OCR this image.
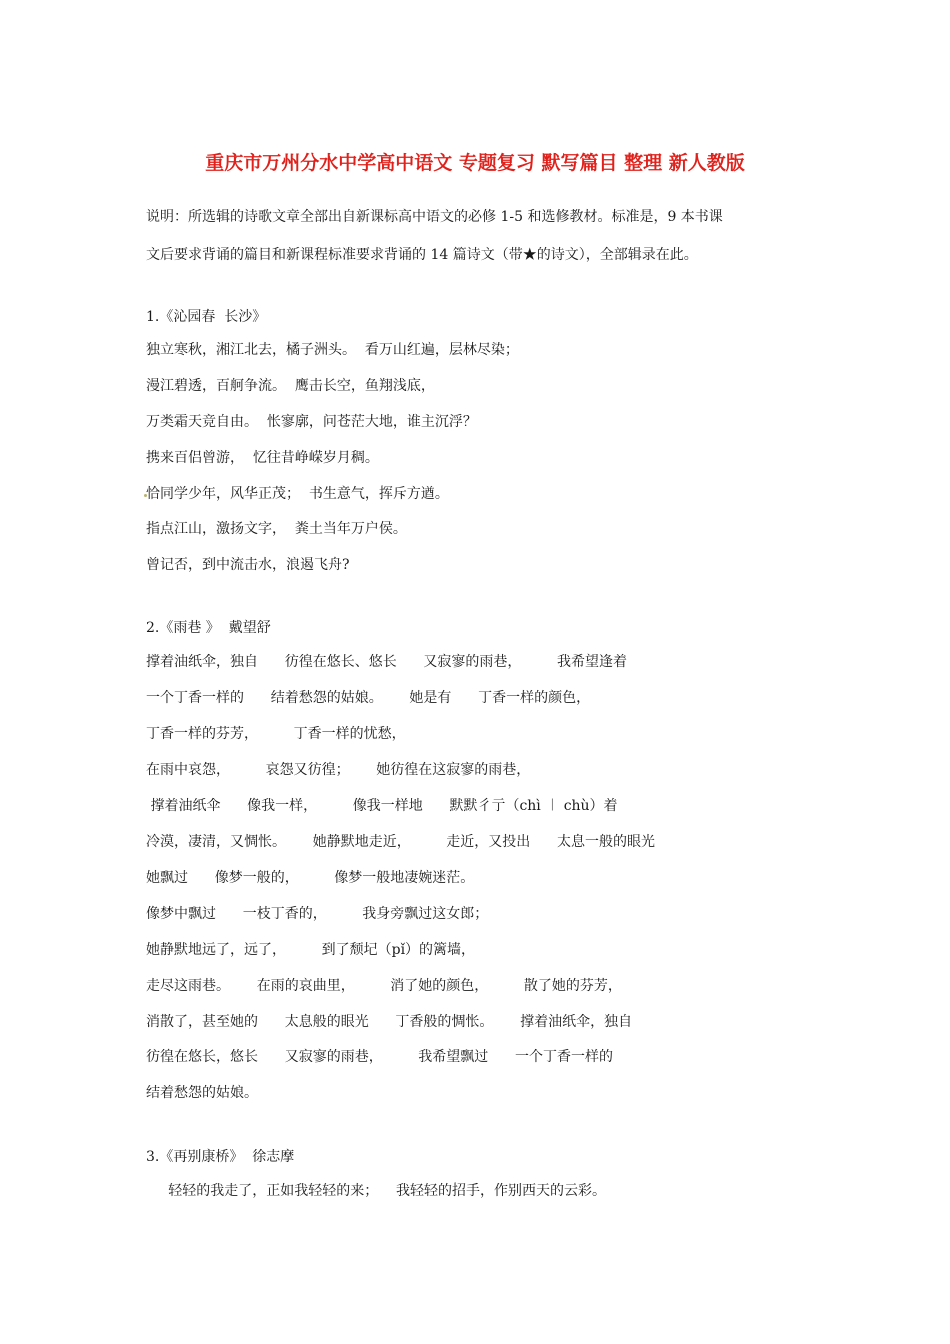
重庆市万州分水中学高中语文 专题复习 默写篇目 整理 新人教版
说明：所选辑的诗歌文章全部出自新课标高中语文的必修 1-5 和选修教材。标准是，9 本书课
文后要求背诵的篇目和新课程标准要求背诵的 14 篇诗文（带★的诗文），全部辑录在此。
1.《沁园春  长沙》
独立寒秋，湘江北去，橘子洲头。  看万山红遍，层林尽染；
漫江碧透，百舸争流。  鹰击长空，鱼翔浅底，
万类霜天竞自由。  怅寥廓，问苍茫大地，谁主沉浮？
携来百侣曾游，  忆往昔峥嵘岁月稠。
恰同学少年，风华正茂；  书生意气，挥斥方遒。
指点江山，激扬文字，  粪土当年万户侯。
曾记否，到中流击水，浪遏飞舟?
2.《雨巷 》  戴望舒
撑着油纸伞，独自      彷徨在悠长、悠长      又寂寥的雨巷，        我希望逢着
一个丁香一样的      结着愁怨的姑娘。      她是有      丁香一样的颜色，
丁香一样的芬芳，        丁香一样的忧愁，
在雨中哀怨，        哀怨又彷徨；      她彷徨在这寂寥的雨巷，
撑着油纸伞      像我一样，        像我一样地      默默彳亍（chì ︱ chù）着
冷漠，凄清，又惆怅。      她静默地走近，        走近，又投出      太息一般的眼光
她飘过      像梦一般的，        像梦一般地凄婉迷茫。
像梦中飘过      一枝丁香的，        我身旁飘过这女郎；
她静默地远了，远了，        到了颓圮（pǐ）的篱墙，
走尽这雨巷。      在雨的哀曲里，        消了她的颜色，        散了她的芬芳，
消散了，甚至她的      太息般的眼光      丁香般的惆怅。      撑着油纸伞，独自
彷徨在悠长，悠长      又寂寥的雨巷，        我希望飘过      一个丁香一样的
结着愁怨的姑娘。
3.《再别康桥》  徐志摩
轻轻的我走了，正如我轻轻的来；    我轻轻的招手，作别西天的云彩。
